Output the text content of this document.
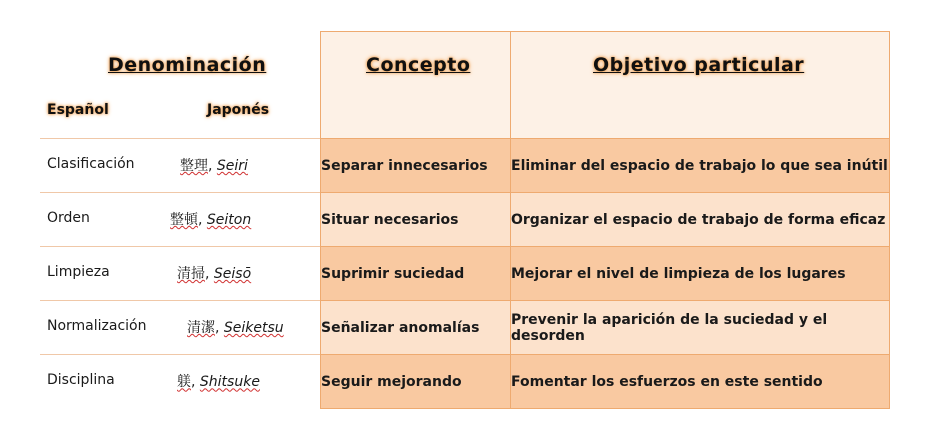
Denominación
Español Japonés	Concepto	Objetivo particular

Clasificación 整理, Seiri	Separar innecesarios	Eliminar del espacio de trabajo lo que sea inútil

Orden 整頓, Seiton	Situar necesarios	Organizar el espacio de trabajo de forma eficaz

Limpieza 清掃, Seisō	Suprimir suciedad	Mejorar el nivel de limpieza de los lugares

Normalización 清潔, Seiketsu	Señalizar anomalías	Prevenir la aparición de la suciedad y el desorden

Disciplina 躾, Shitsuke	Seguir mejorando	Fomentar los esfuerzos en este sentido
